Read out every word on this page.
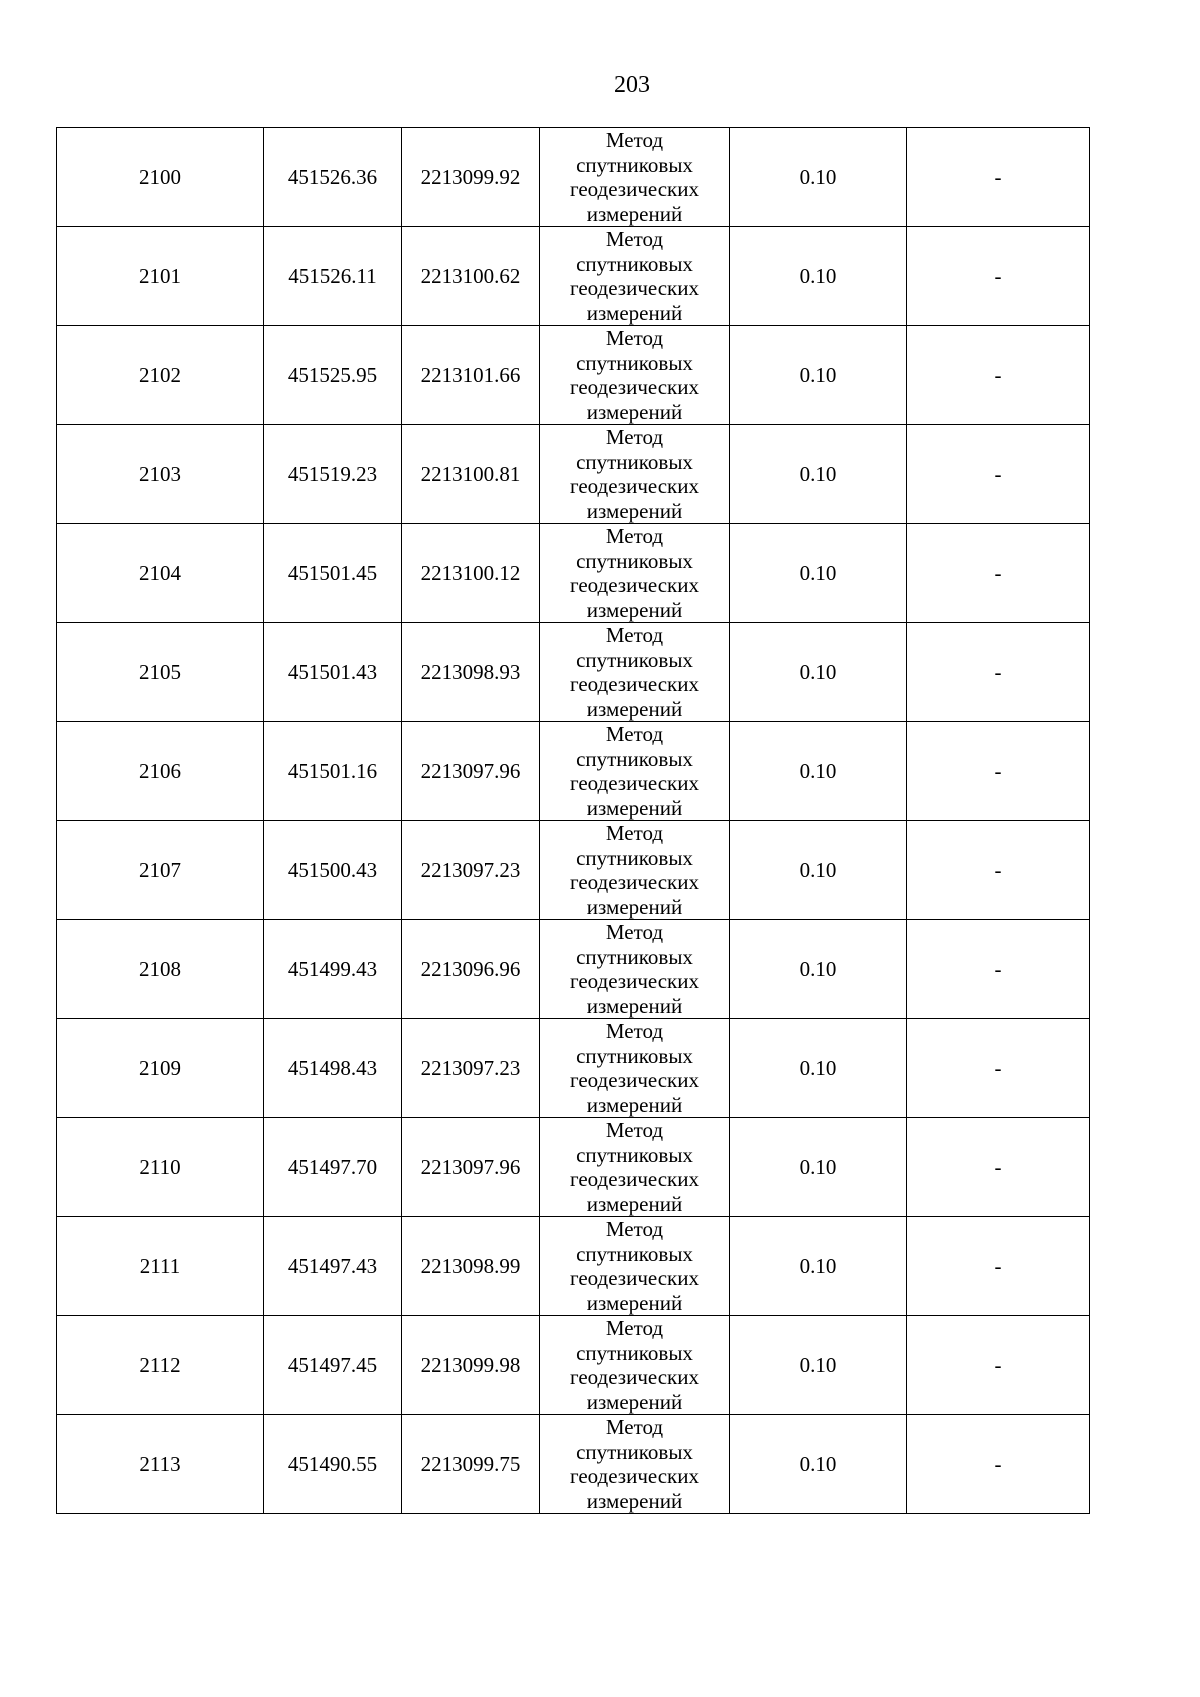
203
2100	451526.36	2213099.92	Метод
спутниковых
геодезических
измерений	0.10	-
2101	451526.11	2213100.62	Метод
спутниковых
геодезических
измерений	0.10	-
2102	451525.95	2213101.66	Метод
спутниковых
геодезических
измерений	0.10	-
2103	451519.23	2213100.81	Метод
спутниковых
геодезических
измерений	0.10	-
2104	451501.45	2213100.12	Метод
спутниковых
геодезических
измерений	0.10	-
2105	451501.43	2213098.93	Метод
спутниковых
геодезических
измерений	0.10	-
2106	451501.16	2213097.96	Метод
спутниковых
геодезических
измерений	0.10	-
2107	451500.43	2213097.23	Метод
спутниковых
геодезических
измерений	0.10	-
2108	451499.43	2213096.96	Метод
спутниковых
геодезических
измерений	0.10	-
2109	451498.43	2213097.23	Метод
спутниковых
геодезических
измерений	0.10	-
2110	451497.70	2213097.96	Метод
спутниковых
геодезических
измерений	0.10	-
2111	451497.43	2213098.99	Метод
спутниковых
геодезических
измерений	0.10	-
2112	451497.45	2213099.98	Метод
спутниковых
геодезических
измерений	0.10	-
2113	451490.55	2213099.75	Метод
спутниковых
геодезических
измерений	0.10	-
